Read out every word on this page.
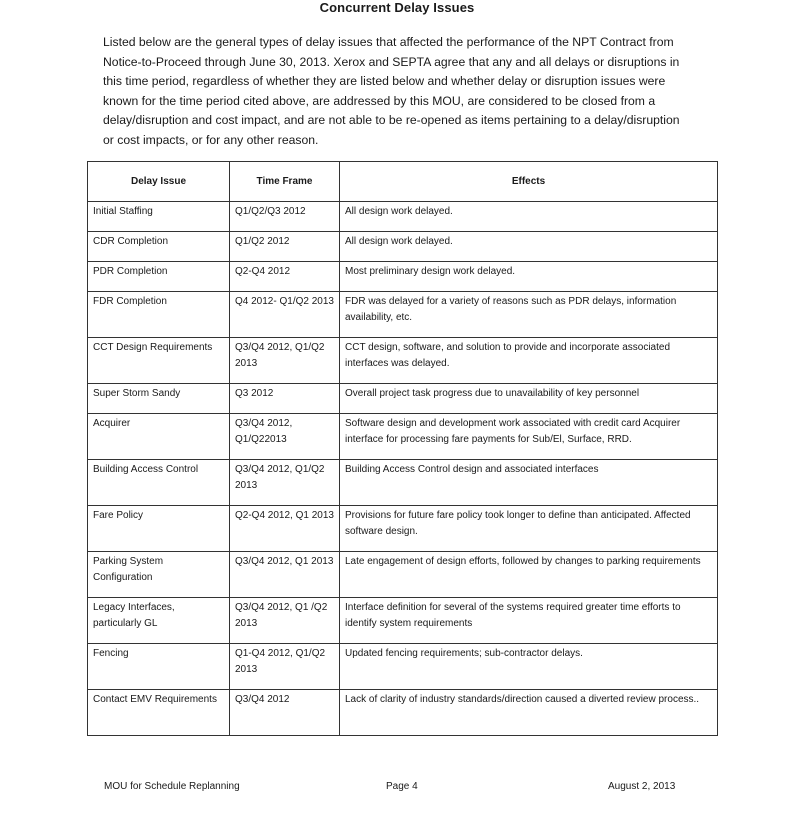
Concurrent Delay Issues

Listed below are the general types of delay issues that affected the performance of the NPT Contract from Notice-to-Proceed through June 30, 2013. Xerox and SEPTA agree that any and all delays or disruptions in this time period, regardless of whether they are listed below and whether delay or disruption issues were known for the time period cited above, are addressed by this MOU, are considered to be closed from a delay/disruption and cost impact, and are not able to be re-opened as items pertaining to a delay/disruption or cost impacts, or for any other reason.

Delay Issue	Time Frame	Effects
Initial Staffing	Q1/Q2/Q3 2012	All design work delayed.
CDR Completion	Q1/Q2 2012	All design work delayed.
PDR Completion	Q2-Q4 2012	Most preliminary design work delayed.
FDR Completion	Q4 2012- Q1/Q2 2013	FDR was delayed for a variety of reasons such as PDR delays, information availability, etc.
CCT Design Requirements	Q3/Q4 2012, Q1/Q2 2013	CCT design, software, and solution to provide and incorporate associated interfaces was delayed.
Super Storm Sandy	Q3 2012	Overall project task progress due to unavailability of key personnel
Acquirer	Q3/Q4 2012, Q1/Q22013	Software design and development work associated with credit card Acquirer interface for processing fare payments for Sub/El, Surface, RRD.
Building Access Control	Q3/Q4 2012, Q1/Q2 2013	Building Access Control design and associated interfaces
Fare Policy	Q2-Q4 2012, Q1 2013	Provisions for future fare policy took longer to define than anticipated. Affected software design.
Parking System Configuration	Q3/Q4 2012, Q1 2013	Late engagement of design efforts, followed by changes to parking requirements
Legacy Interfaces, particularly GL	Q3/Q4 2012, Q1 /Q2 2013	Interface definition for several of the systems required greater time efforts to identify system requirements
Fencing	Q1-Q4 2012, Q1/Q2 2013	Updated fencing requirements; sub-contractor delays.
Contact EMV Requirements	Q3/Q4 2012	Lack of clarity of industry standards/direction caused a diverted review process..
MOU for Schedule Replanning	Page 4	August 2, 2013
